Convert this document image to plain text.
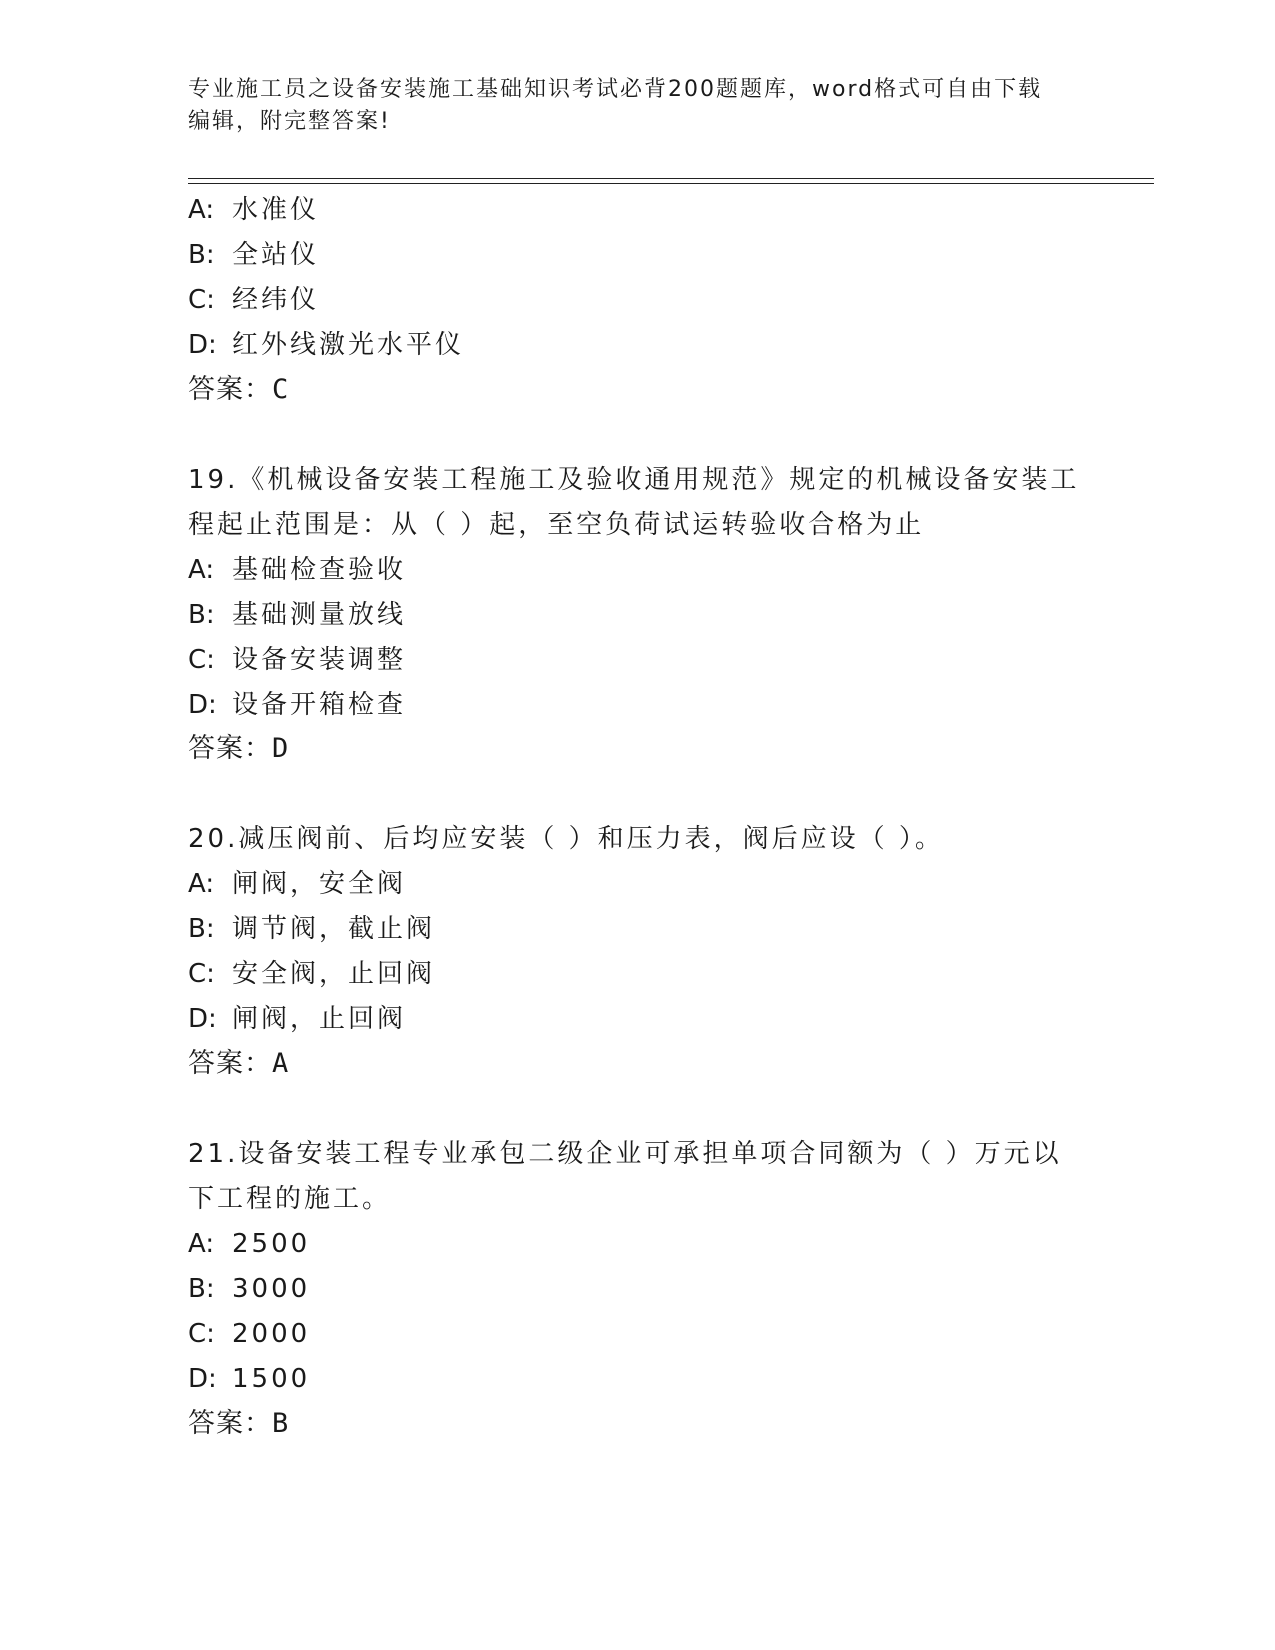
专业施工员之设备安装施工基础知识考试必背200题题库，word格式可自由下载
编辑，附完整答案!
A: 水准仪
B: 全站仪
C: 经纬仪
D: 红外线激光水平仪
答案：C
19.《机械设备安装工程施工及验收通用规范》规定的机械设备安装工
程起止范围是：从（ ）起，至空负荷试运转验收合格为止
A: 基础检查验收
B: 基础测量放线
C: 设备安装调整
D: 设备开箱检查
答案：D
20.减压阀前、后均应安装（ ）和压力表，阀后应设（ ）。
A: 闸阀，安全阀
B: 调节阀，截止阀
C: 安全阀，止回阀
D: 闸阀，止回阀
答案：A
21.设备安装工程专业承包二级企业可承担单项合同额为（ ）万元以
下工程的施工。
A: 2500
B: 3000
C: 2000
D: 1500
答案：B
